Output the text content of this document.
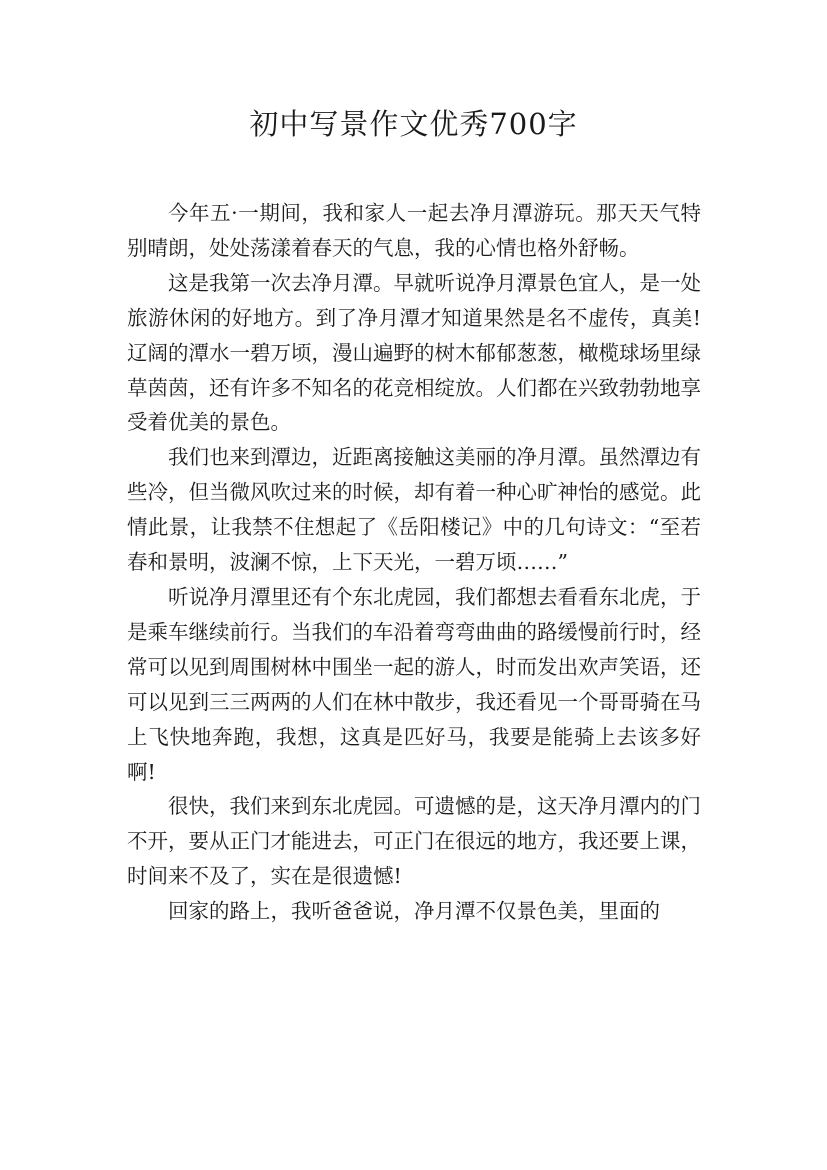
初中写景作文优秀700字

今年五·一期间，我和家人一起去净月潭游玩。那天天气特别晴朗，处处荡漾着春天的气息，我的心情也格外舒畅。

这是我第一次去净月潭。早就听说净月潭景色宜人，是一处旅游休闲的好地方。到了净月潭才知道果然是名不虚传，真美!辽阔的潭水一碧万顷，漫山遍野的树木郁郁葱葱，橄榄球场里绿草茵茵，还有许多不知名的花竞相绽放。人们都在兴致勃勃地享受着优美的景色。

我们也来到潭边，近距离接触这美丽的净月潭。虽然潭边有些冷，但当微风吹过来的时候，却有着一种心旷神怡的感觉。此情此景，让我禁不住想起了《岳阳楼记》中的几句诗文：“至若春和景明，波澜不惊，上下天光，一碧万顷……”

听说净月潭里还有个东北虎园，我们都想去看看东北虎，于是乘车继续前行。当我们的车沿着弯弯曲曲的路缓慢前行时，经常可以见到周围树林中围坐一起的游人，时而发出欢声笑语，还可以见到三三两两的人们在林中散步，我还看见一个哥哥骑在马上飞快地奔跑，我想，这真是匹好马，我要是能骑上去该多好啊!

很快，我们来到东北虎园。可遗憾的是，这天净月潭内的门不开，要从正门才能进去，可正门在很远的地方，我还要上课，时间来不及了，实在是很遗憾!

回家的路上，我听爸爸说，净月潭不仅景色美，里面的
